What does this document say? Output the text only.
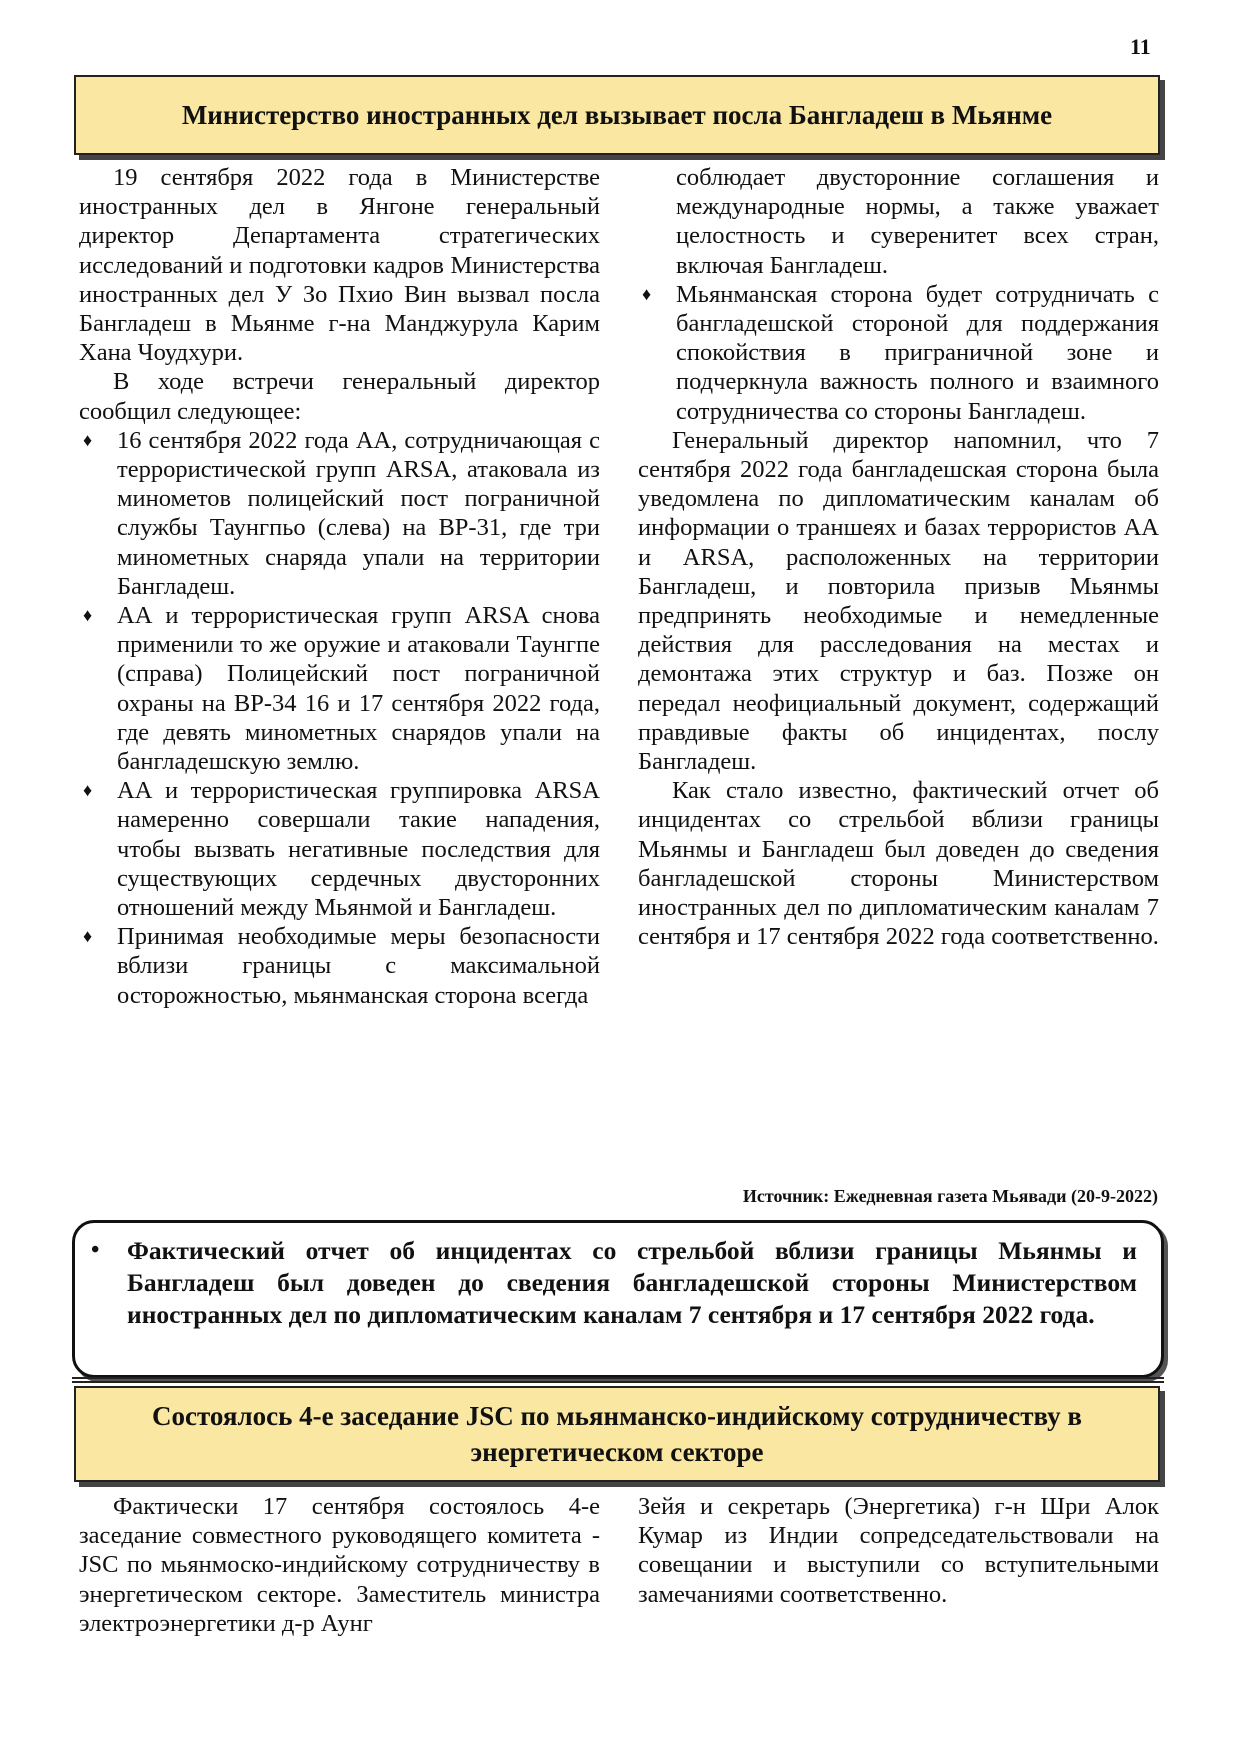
11
Министерство иностранных дел вызывает посла Бангладеш в Мьянме

19 сентября 2022 года в Министерстве иностранных дел в Янгоне генеральный директор Департамента стратегических исследований и подготовки кадров Министерства иностранных дел У Зо Пхио Вин вызвал посла Бангладеш в Мьянме г-на Манджурула Карим Хана Чоудхури.

В ходе встречи генеральный директор сообщил следующее:

♦ 16 сентября 2022 года АА, сотрудничающая с террористической групп ARSA, атаковала из минометов полицейский пост пограничной службы Таунгпьо (слева) на ВР-31, где три минометных снаряда упали на территории Бангладеш.
♦ АА и террористическая групп ARSA снова применили то же оружие и атаковали Таунгпе (справа) Полицейский пост пограничной охраны на ВР-34 16 и 17 сентября 2022 года, где девять минометных снарядов упали на бангладешскую землю.
♦ АА и террористическая группировка ARSA намеренно совершали такие нападения, чтобы вызвать негативные последствия для существующих сердечных двусторонних отношений между Мьянмой и Бангладеш.
♦ Принимая необходимые меры безопасности вблизи границы с максимальной осторожностью, мьянманская сторона всегда
соблюдает двусторонние соглашения и международные нормы, а также уважает целостность и суверенитет всех стран, включая Бангладеш.
♦ Мьянманская сторона будет сотрудничать с бангладешской стороной для поддержания спокойствия в приграничной зоне и подчеркнула важность полного и взаимного сотрудничества со стороны Бангладеш.

Генеральный директор напомнил, что 7 сентября 2022 года бангладешская сторона была уведомлена по дипломатическим каналам об информации о траншеях и базах террористов АА и ARSA, расположенных на территории Бангладеш, и повторила призыв Мьянмы предпринять необходимые и немедленные действия для расследования на местах и демонтажа этих структур и баз. Позже он передал неофициальный документ, содержащий правдивые факты об инцидентах, послу Бангладеш.

Как стало известно, фактический отчет об инцидентах со стрельбой вблизи границы Мьянмы и Бангладеш был доведен до сведения бангладешской стороны Министерством иностранных дел по дипломатическим каналам 7 сентября и 17 сентября 2022 года соответственно.

Источник: Ежедневная газета Мьявади (20-9-2022)
• Фактический отчет об инцидентах со стрельбой вблизи границы Мьянмы и Бангладеш был доведен до сведения бангладешской стороны Министерством иностранных дел по дипломатическим каналам 7 сентября и 17 сентября 2022 года.
Состоялось 4-е заседание JSC по мьянманско-индийскому сотрудничеству в энергетическом секторе

Фактически 17 сентября состоялось 4-е заседание совместного руководящего комитета - JSC по мьянмоско-индийскому сотрудничеству в энергетическом секторе. Заместитель министра электроэнергетики д-р Аунг

Зейя и секретарь (Энергетика) г-н Шри Алок Кумар из Индии сопредседательствовали на совещании и выступили со вступительными замечаниями соответственно.
